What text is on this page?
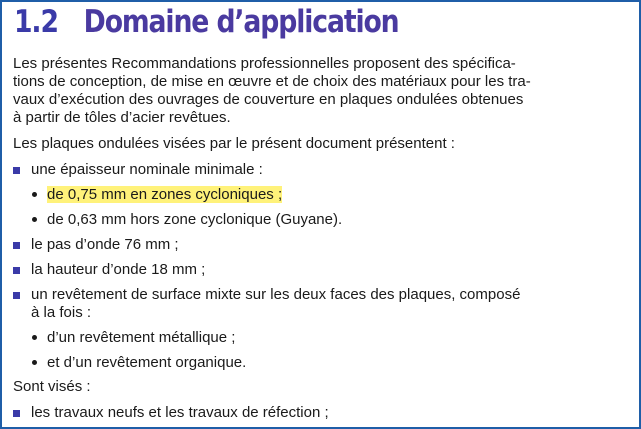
1.2 Domaine d’application

Les présentes Recommandations professionnelles proposent des spécifica-
tions de conception, de mise en œuvre et de choix des matériaux pour les tra-
vaux d’exécution des ouvrages de couverture en plaques ondulées obtenues
à partir de tôles d’acier revêtues.

Les plaques ondulées visées par le présent document présentent :

une épaisseur nominale minimale :

de 0,75 mm en zones cycloniques ;

de 0,63 mm hors zone cyclonique (Guyane).

le pas d’onde 76 mm ;

la hauteur d’onde 18 mm ;

un revêtement de surface mixte sur les deux faces des plaques, composé
à la fois :

d’un revêtement métallique ;

et d’un revêtement organique.

Sont visés :

les travaux neufs et les travaux de réfection ;
